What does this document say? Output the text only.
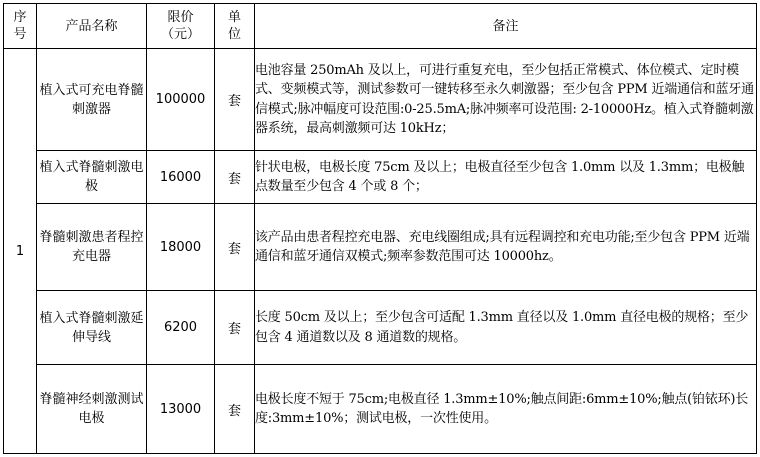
序号	产品名称	限价（元）	单位	备注
1	植入式可充电脊髓刺激器	100000	套	电池容量 250mAh 及以上，可进行重复充电，至少包括正常模式、体位模式、定时模式、变频模式等，测试参数可一键转移至永久刺激器；至少包含 PPM 近端通信和蓝牙通信模式;脉冲幅度可设范围:0-25.5mA;脉冲频率可设范围: 2-10000Hz。植入式脊髓刺激器系统，最高刺激频可达 10kHz；
	植入式脊髓刺激电极	16000	套	针状电极，电极长度 75cm 及以上；电极直径至少包含 1.0mm 以及 1.3mm；电极触点数量至少包含 4 个或 8 个；
	脊髓刺激患者程控充电器	18000	套	该产品由患者程控充电器、充电线圈组成;具有远程调控和充电功能;至少包含 PPM 近端通信和蓝牙通信双模式;频率参数范围可达 10000hz。
	植入式脊髓刺激延伸导线	6200	套	长度 50cm 及以上；至少包含可适配 1.3mm 直径以及 1.0mm 直径电极的规格；至少包含 4 通道数以及 8 通道数的规格。
	脊髓神经刺激测试电极	13000	套	电极长度不短于 75cm;电极直径 1.3mm±10%;触点间距:6mm±10%;触点(铂铱环)长度:3mm±10%；测试电极，一次性使用。
